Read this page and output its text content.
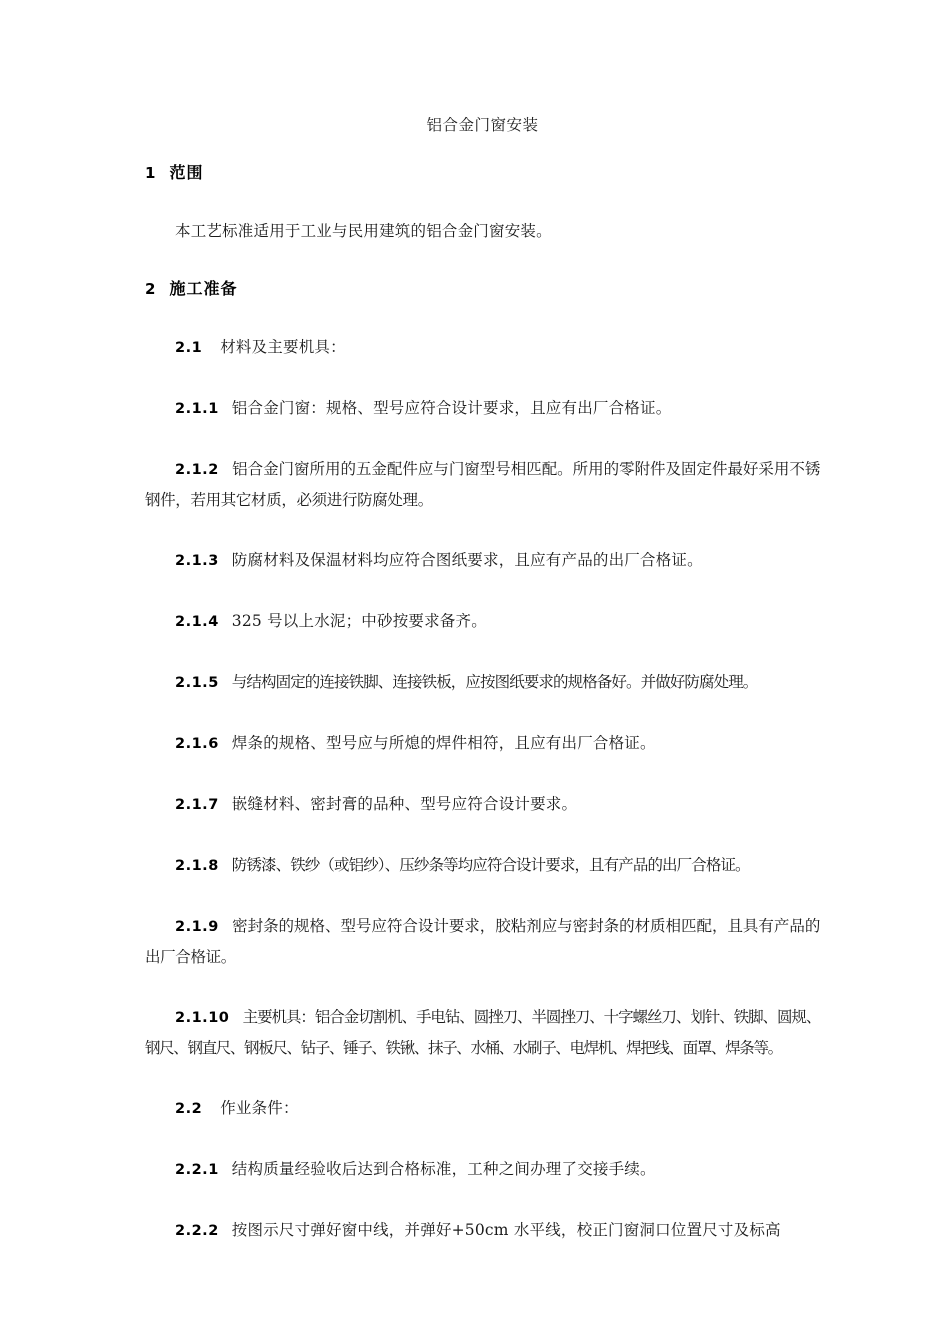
铝合金门窗安装
1 范围
本工艺标准适用于工业与民用建筑的铝合金门窗安装。
2 施工准备
2.1 材料及主要机具：
2.1.1 铝合金门窗：规格、型号应符合设计要求，且应有出厂合格证。
2.1.2 铝合金门窗所用的五金配件应与门窗型号相匹配。所用的零附件及固定件最好采用不锈钢件，若用其它材质，必须进行防腐处理。
2.1.3 防腐材料及保温材料均应符合图纸要求，且应有产品的出厂合格证。
2.1.4 325 号以上水泥；中砂按要求备齐。
2.1.5 与结构固定的连接铁脚、连接铁板，应按图纸要求的规格备好。并做好防腐处理。
2.1.6 焊条的规格、型号应与所熄的焊件相符，且应有出厂合格证。
2.1.7 嵌缝材料、密封膏的品种、型号应符合设计要求。
2.1.8 防锈漆、铁纱（或铝纱）、压纱条等均应符合设计要求，且有产品的出厂合格证。
2.1.9 密封条的规格、型号应符合设计要求，胶粘剂应与密封条的材质相匹配，且具有产品的出厂合格证。
2.1.10 主要机具：铝合金切割机、手电钻、圆挫刀、半圆挫刀、十字螺丝刀、划针、铁脚、圆规、钢尺、钢直尺、钢板尺、钻子、锤子、铁锹、抹子、水桶、水刷子、电焊机、焊把线、面罩、焊条等。
2.2 作业条件：
2.2.1 结构质量经验收后达到合格标准，工种之间办理了交接手续。
2.2.2 按图示尺寸弹好窗中线，并弹好+50cm 水平线，校正门窗洞口位置尺寸及标高
